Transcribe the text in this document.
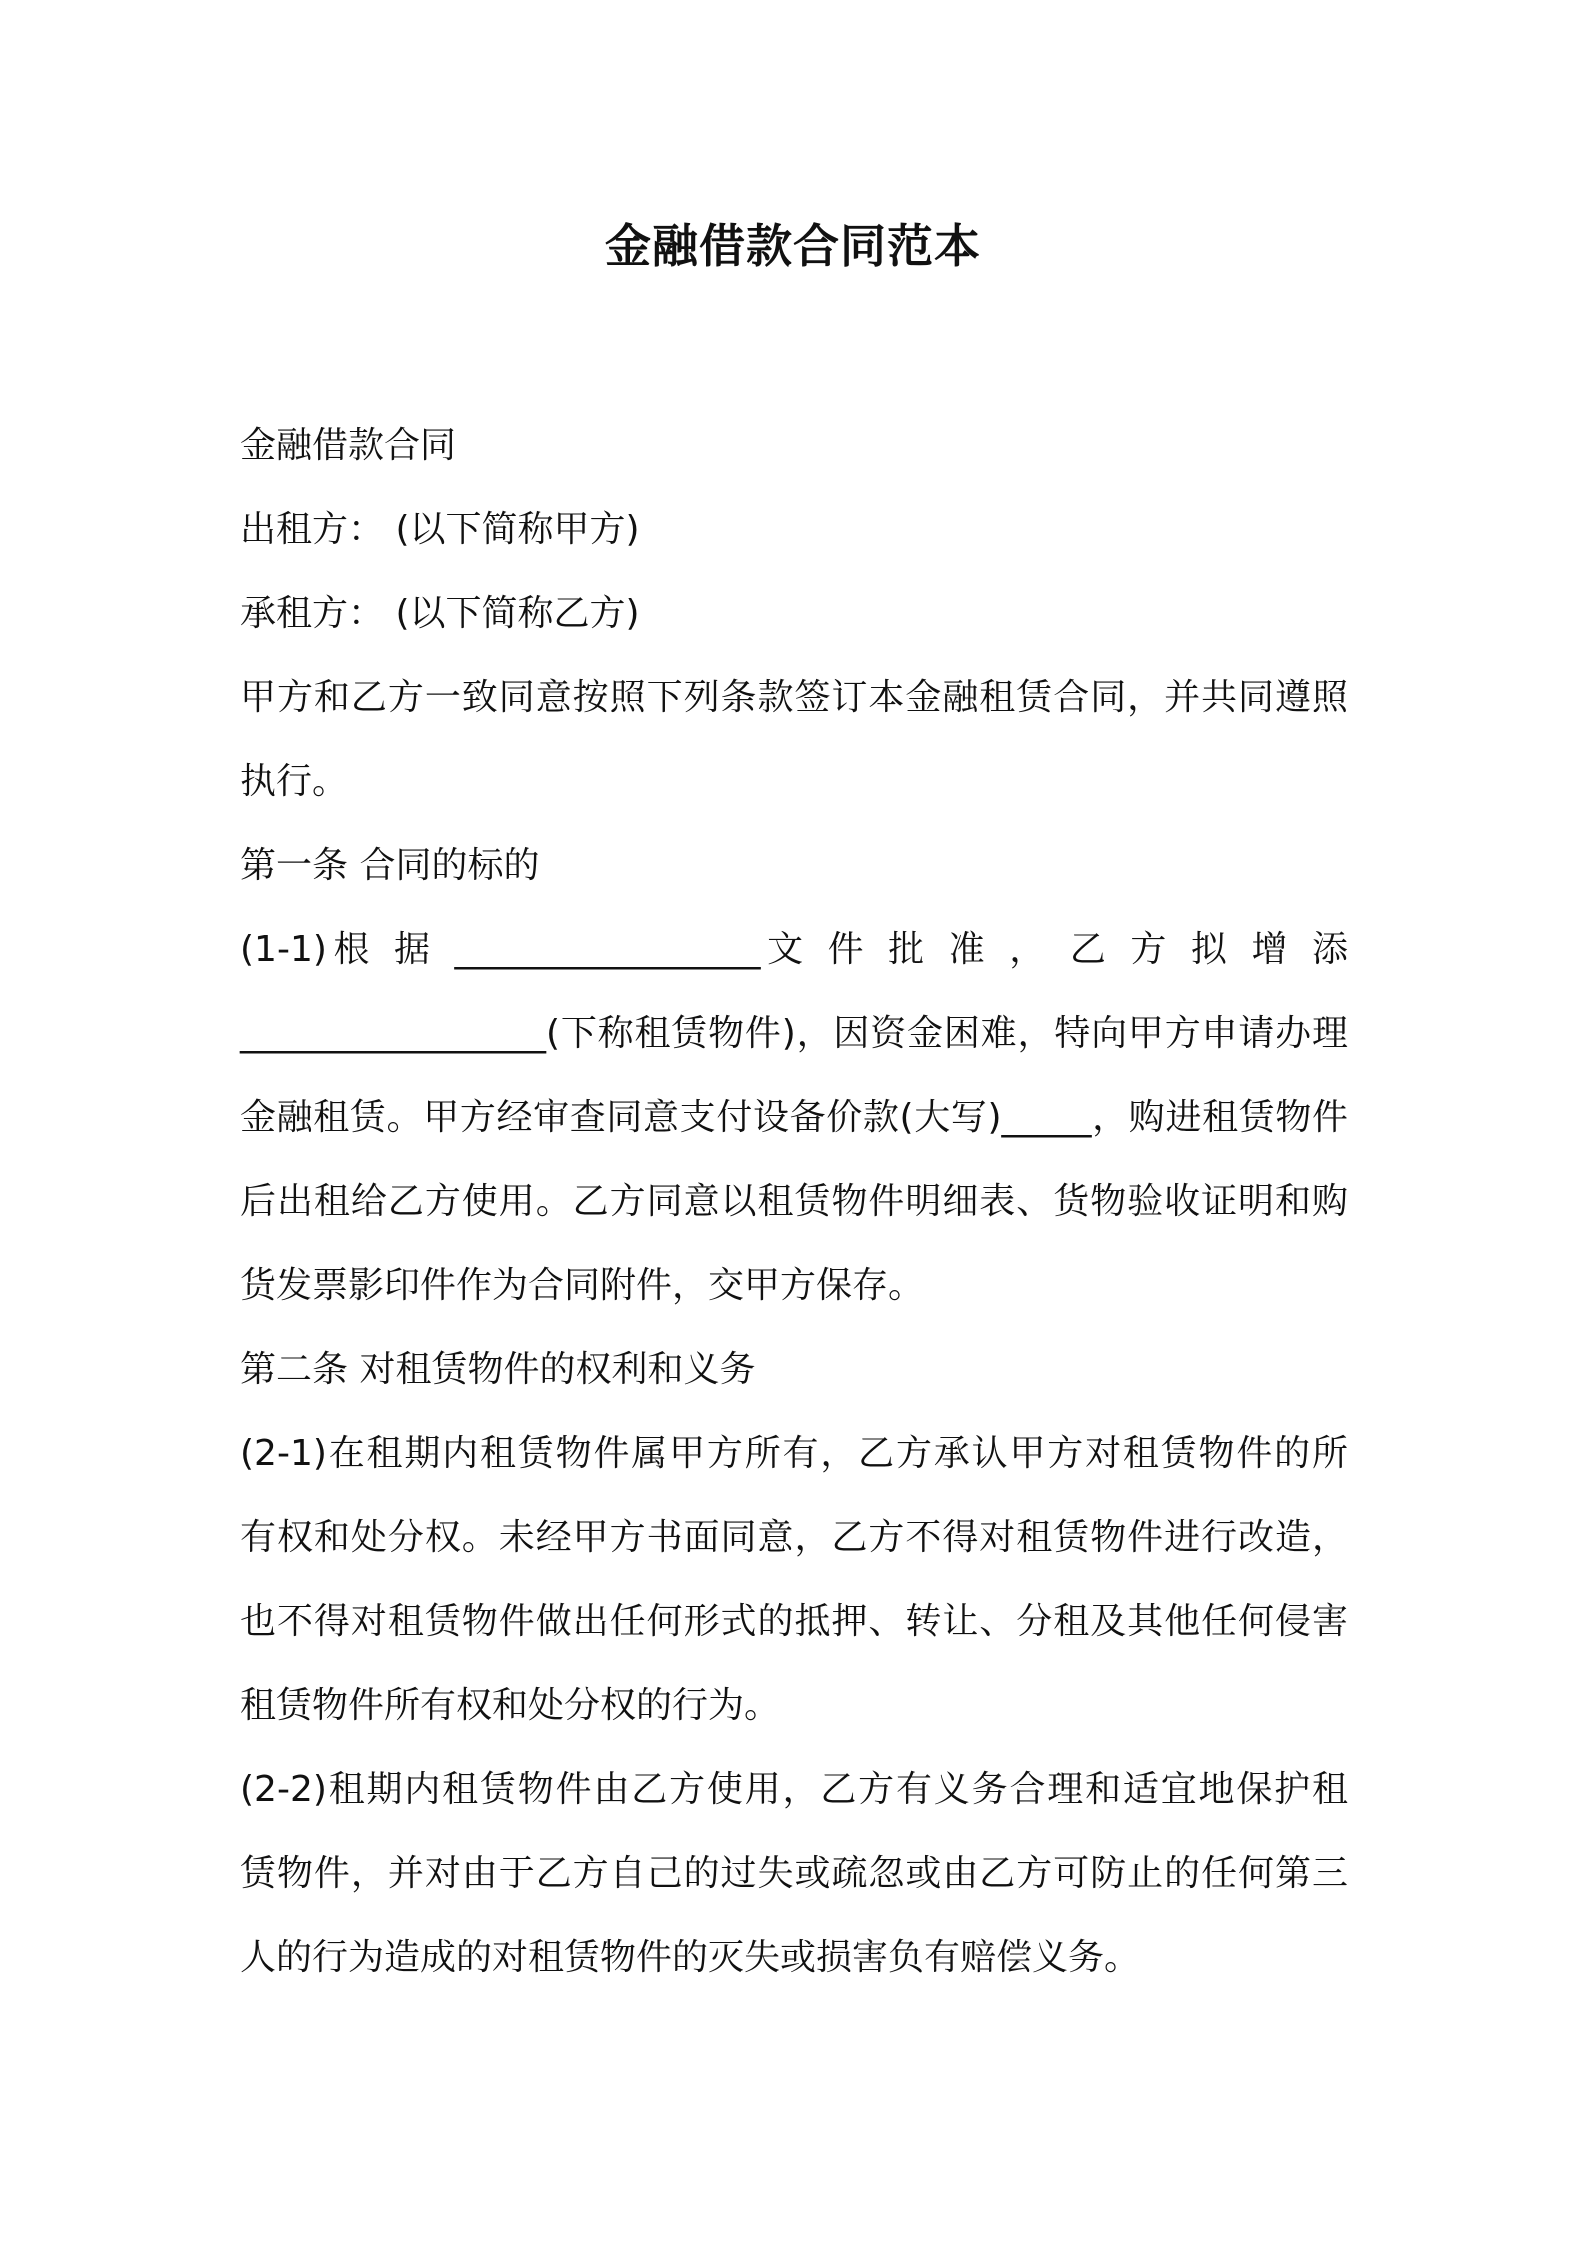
金融借款合同范本

金融借款合同

出租方： (以下简称甲方)

承租方： (以下简称乙方)

甲方和乙方一致同意按照下列条款签订本金融租赁合同，并共同遵照

执行。

第一条 合同的标的

(1-1)根 据 _________________文 件 批 准 ， 乙 方 拟 增 添

_________________(下称租赁物件)，因资金困难，特向甲方申请办理

金融租赁。甲方经审查同意支付设备价款(大写)_____，购进租赁物件

后出租给乙方使用。乙方同意以租赁物件明细表、货物验收证明和购

货发票影印件作为合同附件，交甲方保存。

第二条 对租赁物件的权利和义务

(2-1)在租期内租赁物件属甲方所有，乙方承认甲方对租赁物件的所

有权和处分权。未经甲方书面同意，乙方不得对租赁物件进行改造，

也不得对租赁物件做出任何形式的抵押、转让、分租及其他任何侵害

租赁物件所有权和处分权的行为。

(2-2)租期内租赁物件由乙方使用，乙方有义务合理和适宜地保护租

赁物件，并对由于乙方自己的过失或疏忽或由乙方可防止的任何第三

人的行为造成的对租赁物件的灭失或损害负有赔偿义务。
